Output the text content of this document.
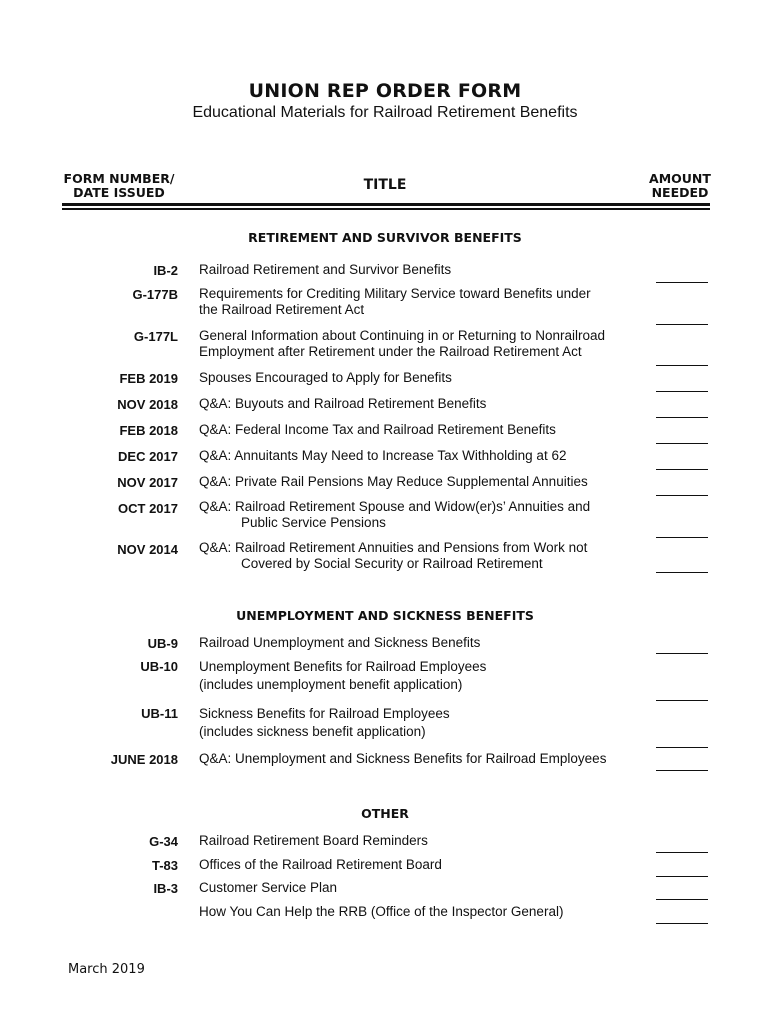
UNION REP ORDER FORM
Educational Materials for Railroad Retirement Benefits
FORM NUMBER/
DATE ISSUED	TITLE	AMOUNT
NEEDED
RETIREMENT AND SURVIVOR BENEFITS
UNEMPLOYMENT AND SICKNESS BENEFITS
OTHER
IB-2 Railroad Retirement and Survivor Benefits
G-177B Requirements for Crediting Military Service toward Benefits under
the Railroad Retirement Act
G-177L General Information about Continuing in or Returning to Nonrailroad
Employment after Retirement under the Railroad Retirement Act
FEB 2019 Spouses Encouraged to Apply for Benefits
NOV 2018 Q&A: Buyouts and Railroad Retirement Benefits
FEB 2018 Q&A: Federal Income Tax and Railroad Retirement Benefits
DEC 2017 Q&A: Annuitants May Need to Increase Tax Withholding at 62
NOV 2017 Q&A: Private Rail Pensions May Reduce Supplemental Annuities
OCT 2017 Q&A: Railroad Retirement Spouse and Widow(er)s’ Annuities and
Public Service Pensions
NOV 2014 Q&A: Railroad Retirement Annuities and Pensions from Work not
Covered by Social Security or Railroad Retirement
UB-9 Railroad Unemployment and Sickness Benefits
UB-10 Unemployment Benefits for Railroad Employees
(includes unemployment benefit application)
UB-11 Sickness Benefits for Railroad Employees
(includes sickness benefit application)
JUNE 2018 Q&A: Unemployment and Sickness Benefits for Railroad Employees
G-34 Railroad Retirement Board Reminders
T-83 Offices of the Railroad Retirement Board
IB-3 Customer Service Plan
How You Can Help the RRB (Office of the Inspector General)
March 2019
